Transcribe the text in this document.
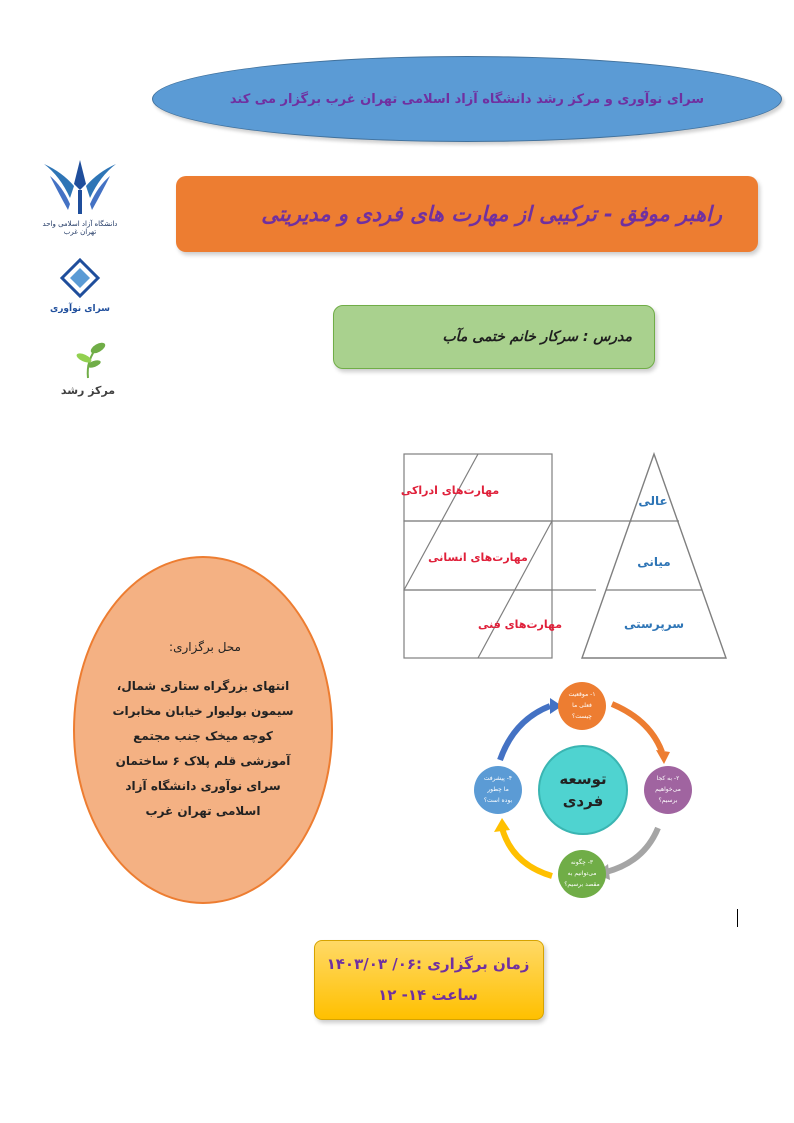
سرای نوآوری و مرکز رشد دانشگاه آزاد اسلامی تهران غرب برگزار می کند
دانشگاه آزاد اسلامی واحد تهران غرب
سرای نوآوری
مرکز رشد
راهبر موفق - ترکیبی از مهارت های فردی و مدیریتی
مدرس : سرکار خانم ختمی مآب
عالی
میانی
سرپرستی
مهارت‌های ادراکی
مهارت‌های انسانی
مهارت‌های فنی
توسعه
فردی
۱- موقعیت
فعلی ما
چیست؟
۲- به کجا
می‌خواهیم
برسیم؟
۳- چگونه
می‌توانیم به
مقصد برسیم؟
۴- پیشرفت
ما چطور
بوده است؟
محل برگزاری:
انتهای بزرگراه ستاری شمال،
سیمون بولیوار خیابان مخابرات
کوچه میخک جنب مجتمع
آموزشی قلم پلاک ۶ ساختمان
سرای نوآوری دانشگاه آزاد
اسلامی تهران غرب
زمان برگزاری :۰۶/ ۱۴۰۳/۰۳
ساعت ۱۴- ۱۲
